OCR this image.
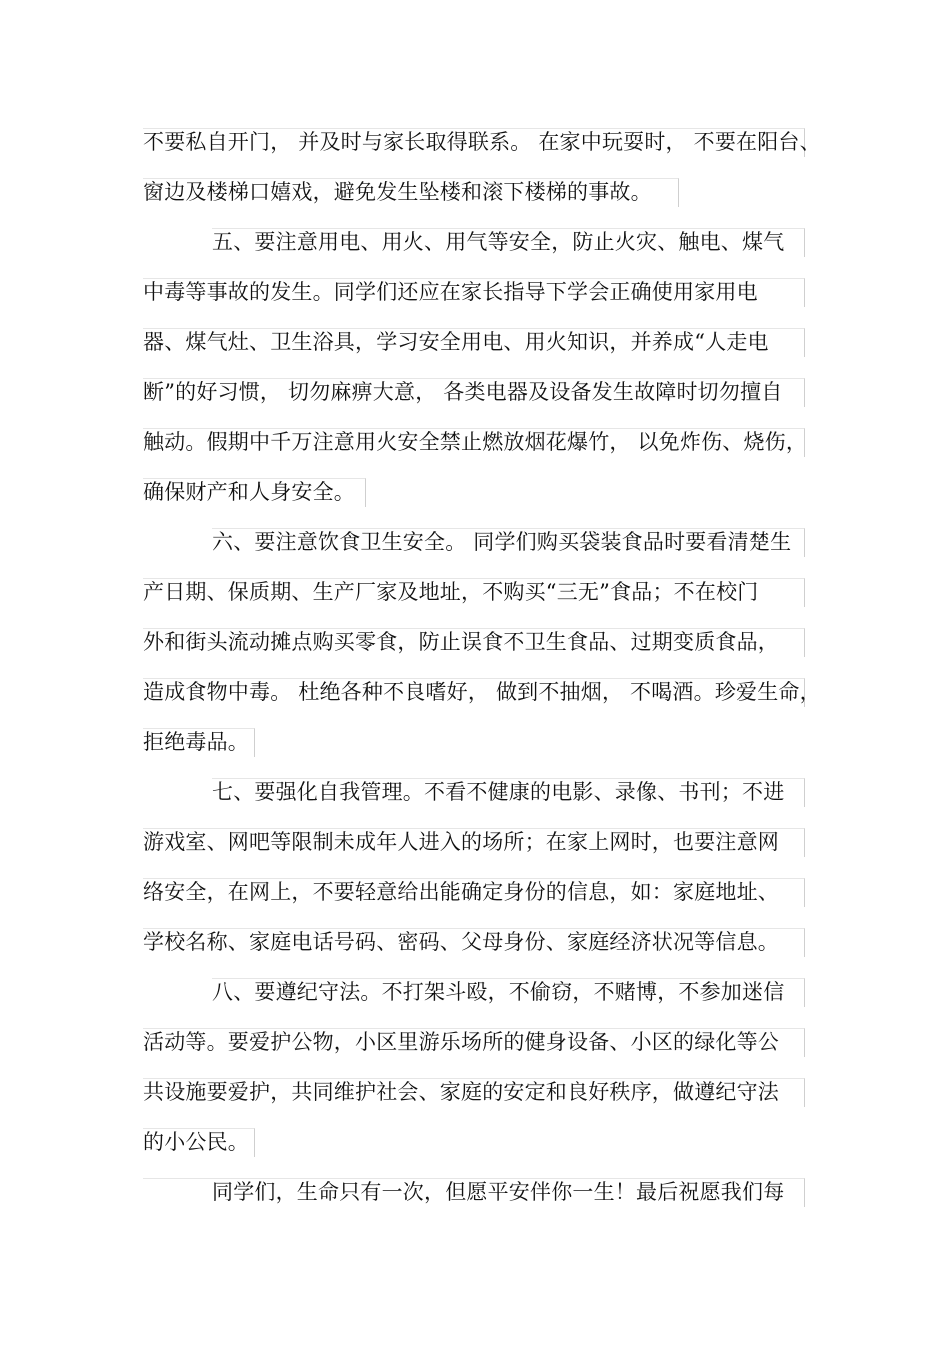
不要私自开门， 并及时与家长取得联系。 在家中玩耍时， 不要在阳台、
窗边及楼梯口嬉戏，避免发生坠楼和滚下楼梯的事故。
五、要注意用电、用火、用气等安全，防止火灾、触电、煤气
中毒等事故的发生。同学们还应在家长指导下学会正确使用家用电
器、煤气灶、卫生浴具，学习安全用电、用火知识，并养成“人走电
断”的好习惯， 切勿麻痹大意， 各类电器及设备发生故障时切勿擅自
触动。假期中千万注意用火安全禁止燃放烟花爆竹， 以免炸伤、烧伤，
确保财产和人身安全。
六、要注意饮食卫生安全。 同学们购买袋装食品时要看清楚生
产日期、保质期、生产厂家及地址，不购买“三无”食品；不在校门
外和街头流动摊点购买零食，防止误食不卫生食品、过期变质食品，
造成食物中毒。 杜绝各种不良嗜好， 做到不抽烟， 不喝酒。珍爱生命，
拒绝毒品。
七、要强化自我管理。不看不健康的电影、录像、书刊；不进
游戏室、网吧等限制未成年人进入的场所；在家上网时，也要注意网
络安全，在网上，不要轻意给出能确定身份的信息，如：家庭地址、
学校名称、家庭电话号码、密码、父母身份、家庭经济状况等信息。
八、要遵纪守法。不打架斗殴，不偷窃，不赌博，不参加迷信
活动等。要爱护公物，小区里游乐场所的健身设备、小区的绿化等公
共设施要爱护，共同维护社会、家庭的安定和良好秩序，做遵纪守法
的小公民。
同学们，生命只有一次，但愿平安伴你一生！最后祝愿我们每
